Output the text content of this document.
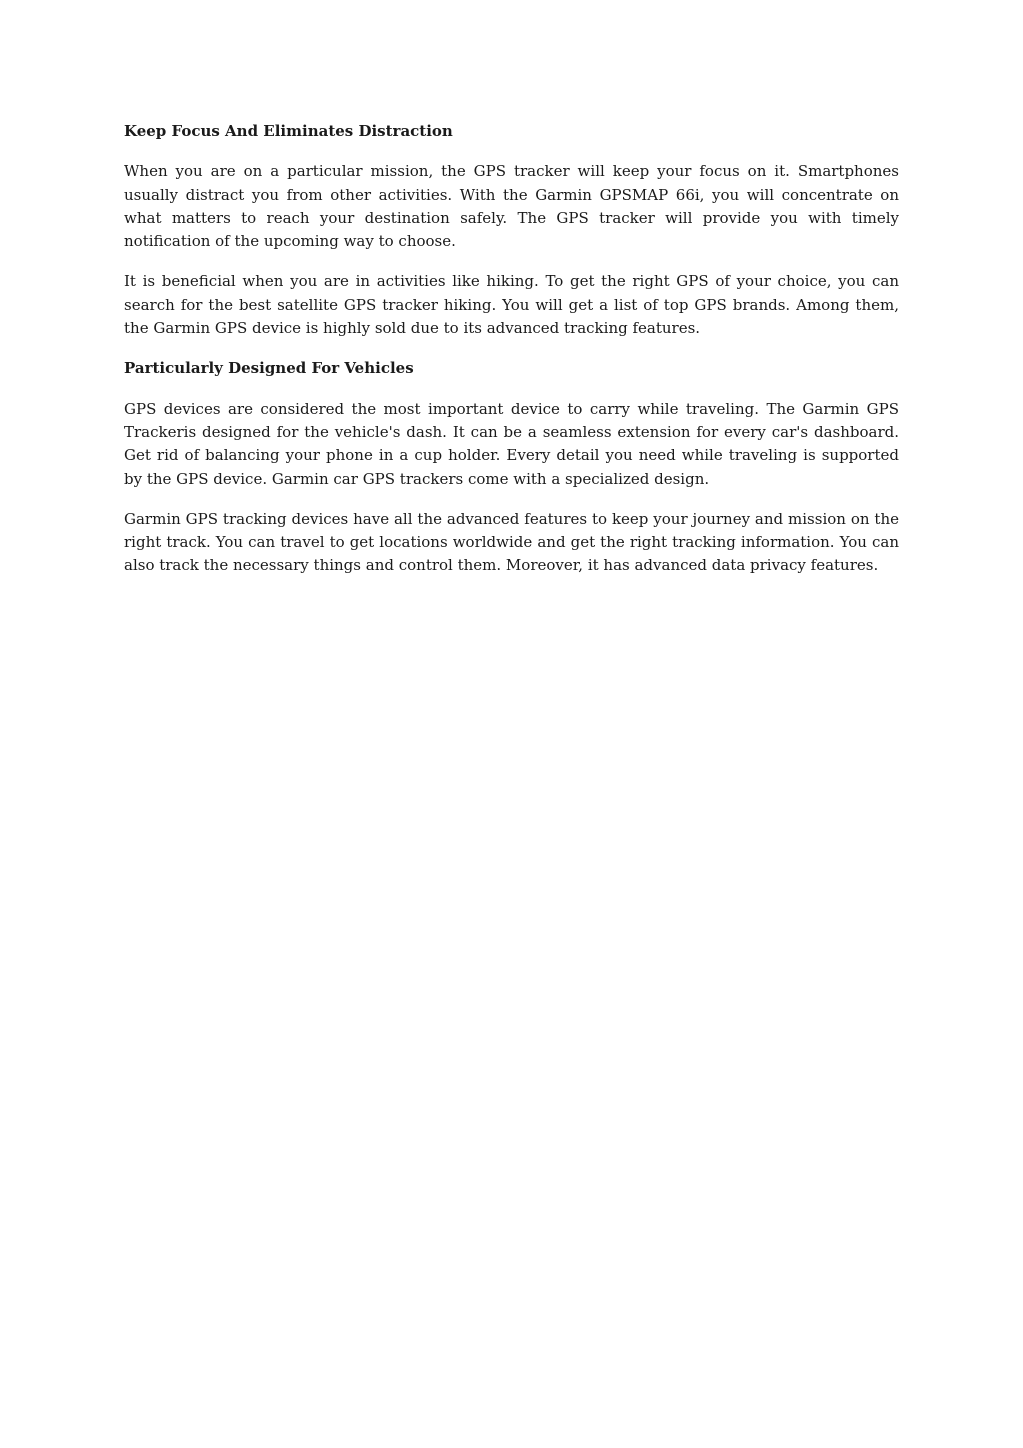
Keep Focus And Eliminates Distraction

When you are on a particular mission, the GPS tracker will keep your focus on it. Smartphones usually distract you from other activities. With the Garmin GPSMAP 66i, you will concentrate on what matters to reach your destination safely. The GPS tracker will provide you with timely notification of the upcoming way to choose.

It is beneficial when you are in activities like hiking. To get the right GPS of your choice, you can search for the best satellite GPS tracker hiking. You will get a list of top GPS brands. Among them, the Garmin GPS device is highly sold due to its advanced tracking features.

Particularly Designed For Vehicles

GPS devices are considered the most important device to carry while traveling. The Garmin GPS Trackeris designed for the vehicle's dash. It can be a seamless extension for every car's dashboard. Get rid of balancing your phone in a cup holder. Every detail you need while traveling is supported by the GPS device. Garmin car GPS trackers come with a specialized design.

Garmin GPS tracking devices have all the advanced features to keep your journey and mission on the right track. You can travel to get locations worldwide and get the right tracking information. You can also track the necessary things and control them. Moreover, it has advanced data privacy features.
